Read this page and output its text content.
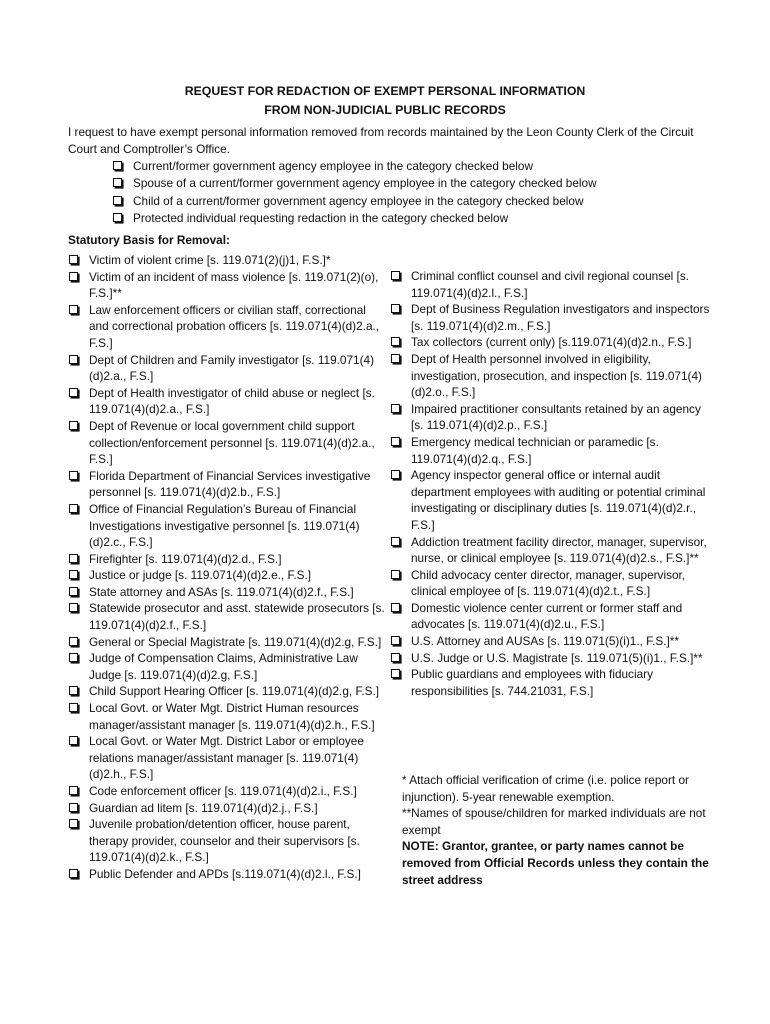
REQUEST FOR REDACTION OF EXEMPT PERSONAL INFORMATION
FROM NON-JUDICIAL PUBLIC RECORDS

I request to have exempt personal information removed from records maintained by the Leon County Clerk of the Circuit Court and Comptroller’s Office.

Current/former government agency employee in the category checked below
Spouse of a current/former government agency employee in the category checked below
Child of a current/former government agency employee in the category checked below
Protected individual requesting redaction in the category checked below
Statutory Basis for Removal:
Victim of violent crime [s. 119.071(2)(j)1, F.S.]*
Victim of an incident of mass violence [s. 119.071(2)(o), F.S.]**
Law enforcement officers or civilian staff, correctional and correctional probation officers [s. 119.071(4)(d)2.a., F.S.]
Dept of Children and Family investigator [s. 119.071(4)(d)2.a., F.S.]
Dept of Health investigator of child abuse or neglect [s. 119.071(4)(d)2.a., F.S.]
Dept of Revenue or local government child support collection/enforcement personnel [s. 119.071(4)(d)2.a., F.S.]
Florida Department of Financial Services investigative personnel [s. 119.071(4)(d)2.b., F.S.]
Office of Financial Regulation’s Bureau of Financial Investigations investigative personnel [s. 119.071(4)(d)2.c., F.S.]
Firefighter [s. 119.071(4)(d)2.d., F.S.]
Justice or judge [s. 119.071(4)(d)2.e., F.S.]
State attorney and ASAs [s. 119.071(4)(d)2.f., F.S.]
Statewide prosecutor and asst. statewide prosecutors [s. 119.071(4)(d)2.f., F.S.]
General or Special Magistrate [s. 119.071(4)(d)2.g, F.S.]
Judge of Compensation Claims, Administrative Law Judge [s. 119.071(4)(d)2.g, F.S.]
Child Support Hearing Officer [s. 119.071(4)(d)2.g, F.S.]
Local Govt. or Water Mgt. District Human resources manager/assistant manager [s. 119.071(4)(d)2.h., F.S.]
Local Govt. or Water Mgt. District Labor or employee relations manager/assistant manager [s. 119.071(4)(d)2.h., F.S.]
Code enforcement officer [s. 119.071(4)(d)2.i., F.S.]
Guardian ad litem [s. 119.071(4)(d)2.j., F.S.]
Juvenile probation/detention officer, house parent, therapy provider, counselor and their supervisors [s. 119.071(4)(d)2.k., F.S.]
Public Defender and APDs [s.119.071(4)(d)2.l., F.S.]
Criminal conflict counsel and civil regional counsel [s. 119.071(4)(d)2.l., F.S.]
Dept of Business Regulation investigators and inspectors [s. 119.071(4)(d)2.m., F.S.]
Tax collectors (current only) [s.119.071(4)(d)2.n., F.S.]
Dept of Health personnel involved in eligibility, investigation, prosecution, and inspection [s. 119.071(4)(d)2.o., F.S.]
Impaired practitioner consultants retained by an agency [s. 119.071(4)(d)2.p., F.S.]
Emergency medical technician or paramedic [s. 119.071(4)(d)2.q., F.S.]
Agency inspector general office or internal audit department employees with auditing or potential criminal investigating or disciplinary duties [s. 119.071(4)(d)2.r., F.S.]
Addiction treatment facility director, manager, supervisor, nurse, or clinical employee [s. 119.071(4)(d)2.s., F.S.]**
Child advocacy center director, manager, supervisor, clinical employee of [s. 119.071(4)(d)2.t., F.S.]
Domestic violence center current or former staff and advocates [s. 119.071(4)(d)2.u., F.S.]
U.S. Attorney and AUSAs [s. 119.071(5)(i)1., F.S.]**
U.S. Judge or U.S. Magistrate [s. 119.071(5)(i)1., F.S.]**
Public guardians and employees with fiduciary responsibilities [s. 744.21031, F.S.]

* Attach official verification of crime (i.e. police report or injunction). 5-year renewable exemption.

**Names of spouse/children for marked individuals are not exempt

NOTE: Grantor, grantee, or party names cannot be removed from Official Records unless they contain the street address
